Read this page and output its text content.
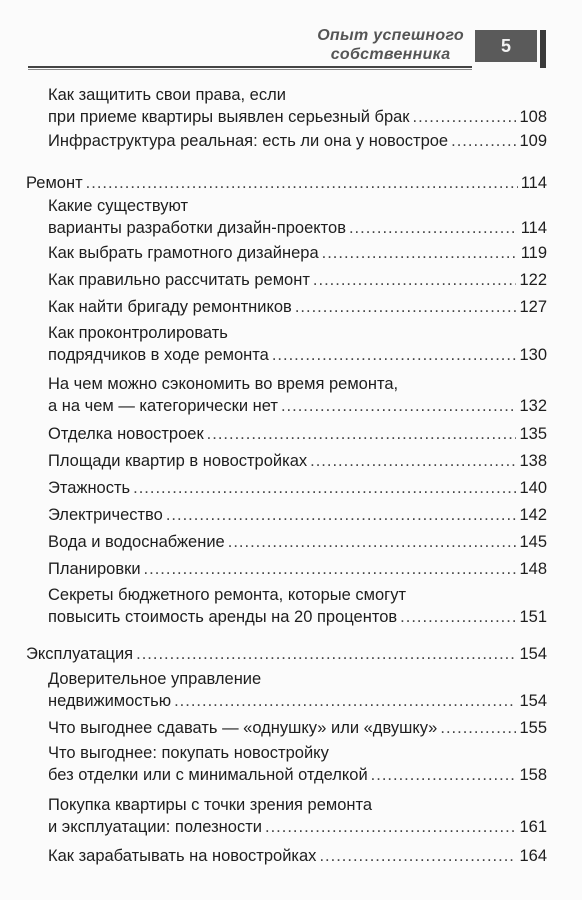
Опыт успешного
собственника	5
Как защитить свои права, если
при приеме квартиры выявлен серьезный брак .....	108
Инфраструктура реальная: есть ли она у новострое .....	109
Ремонт .....	114
Какие существуют
варианты разработки дизайн-проектов .....	114
Как выбрать грамотного дизайнера .....	119
Как правильно рассчитать ремонт .....	122
Как найти бригаду ремонтников .....	127
Как проконтролировать
подрядчиков в ходе ремонта .....	130
На чем можно сэкономить во время ремонта,
а на чем — категорически нет .....	132
Отделка новостроек .....	135
Площади квартир в новостройках .....	138
Этажность .....	140
Электричество .....	142
Вода и водоснабжение .....	145
Планировки .....	148
Секреты бюджетного ремонта, которые смогут
повысить стоимость аренды на 20 процентов .....	151
Эксплуатация .....	154
Доверительное управление
недвижимостью .....	154
Что выгоднее сдавать — «однушку» или «двушку» .....	155
Что выгоднее: покупать новостройку
без отделки или с минимальной отделкой .....	158
Покупка квартиры с точки зрения ремонта
и эксплуатации: полезности .....	161
Как зарабатывать на новостройках .....	164
